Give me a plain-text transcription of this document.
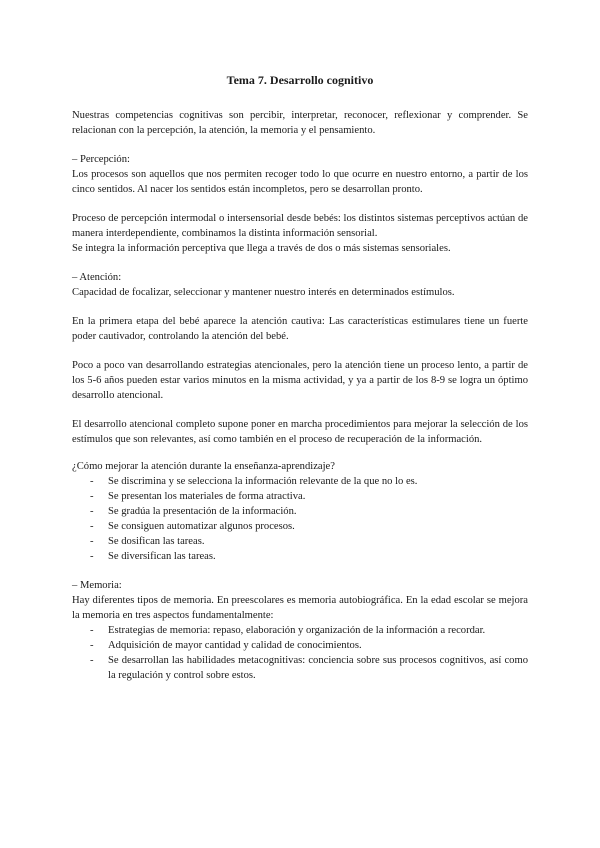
Tema 7. Desarrollo cognitivo

Nuestras competencias cognitivas son percibir, interpretar, reconocer, reflexionar y comprender. Se relacionan con la percepción, la atención, la memoria y el pensamiento.

– Percepción:

Los procesos son aquellos que nos permiten recoger todo lo que ocurre en nuestro entorno, a partir de los cinco sentidos. Al nacer los sentidos están incompletos, pero se desarrollan pronto.

Proceso de percepción intermodal o intersensorial desde bebés: los distintos sistemas perceptivos actúan de manera interdependiente, combinamos la distinta información sensorial.

Se integra la información perceptiva que llega a través de dos o más sistemas sensoriales.

– Atención:

Capacidad de focalizar, seleccionar y mantener nuestro interés en determinados estímulos.

En la primera etapa del bebé aparece la atención cautiva: Las características estimulares tiene un fuerte poder cautivador, controlando la atención del bebé.

Poco a poco van desarrollando estrategias atencionales, pero la atención tiene un proceso lento, a partir de los 5-6 años pueden estar varios minutos en la misma actividad, y ya a partir de los 8-9 se logra un óptimo desarrollo atencional.

El desarrollo atencional completo supone poner en marcha procedimientos para mejorar la selección de los estímulos que son relevantes, así como también en el proceso de recuperación de la información.

¿Cómo mejorar la atención durante la enseñanza-aprendizaje?

- Se discrimina y se selecciona la información relevante de la que no lo es.
- Se presentan los materiales de forma atractiva.
- Se gradúa la presentación de la información.
- Se consiguen automatizar algunos procesos.
- Se dosifican las tareas.
- Se diversifican las tareas.

– Memoria:

Hay diferentes tipos de memoria. En preescolares es memoria autobiográfica. En la edad escolar se mejora la memoria en tres aspectos fundamentalmente:

- Estrategias de memoria: repaso, elaboración y organización de la información a recordar.
- Adquisición de mayor cantidad y calidad de conocimientos.
- Se desarrollan las habilidades metacognitivas: conciencia sobre sus procesos cognitivos, así como la regulación y control sobre estos.
